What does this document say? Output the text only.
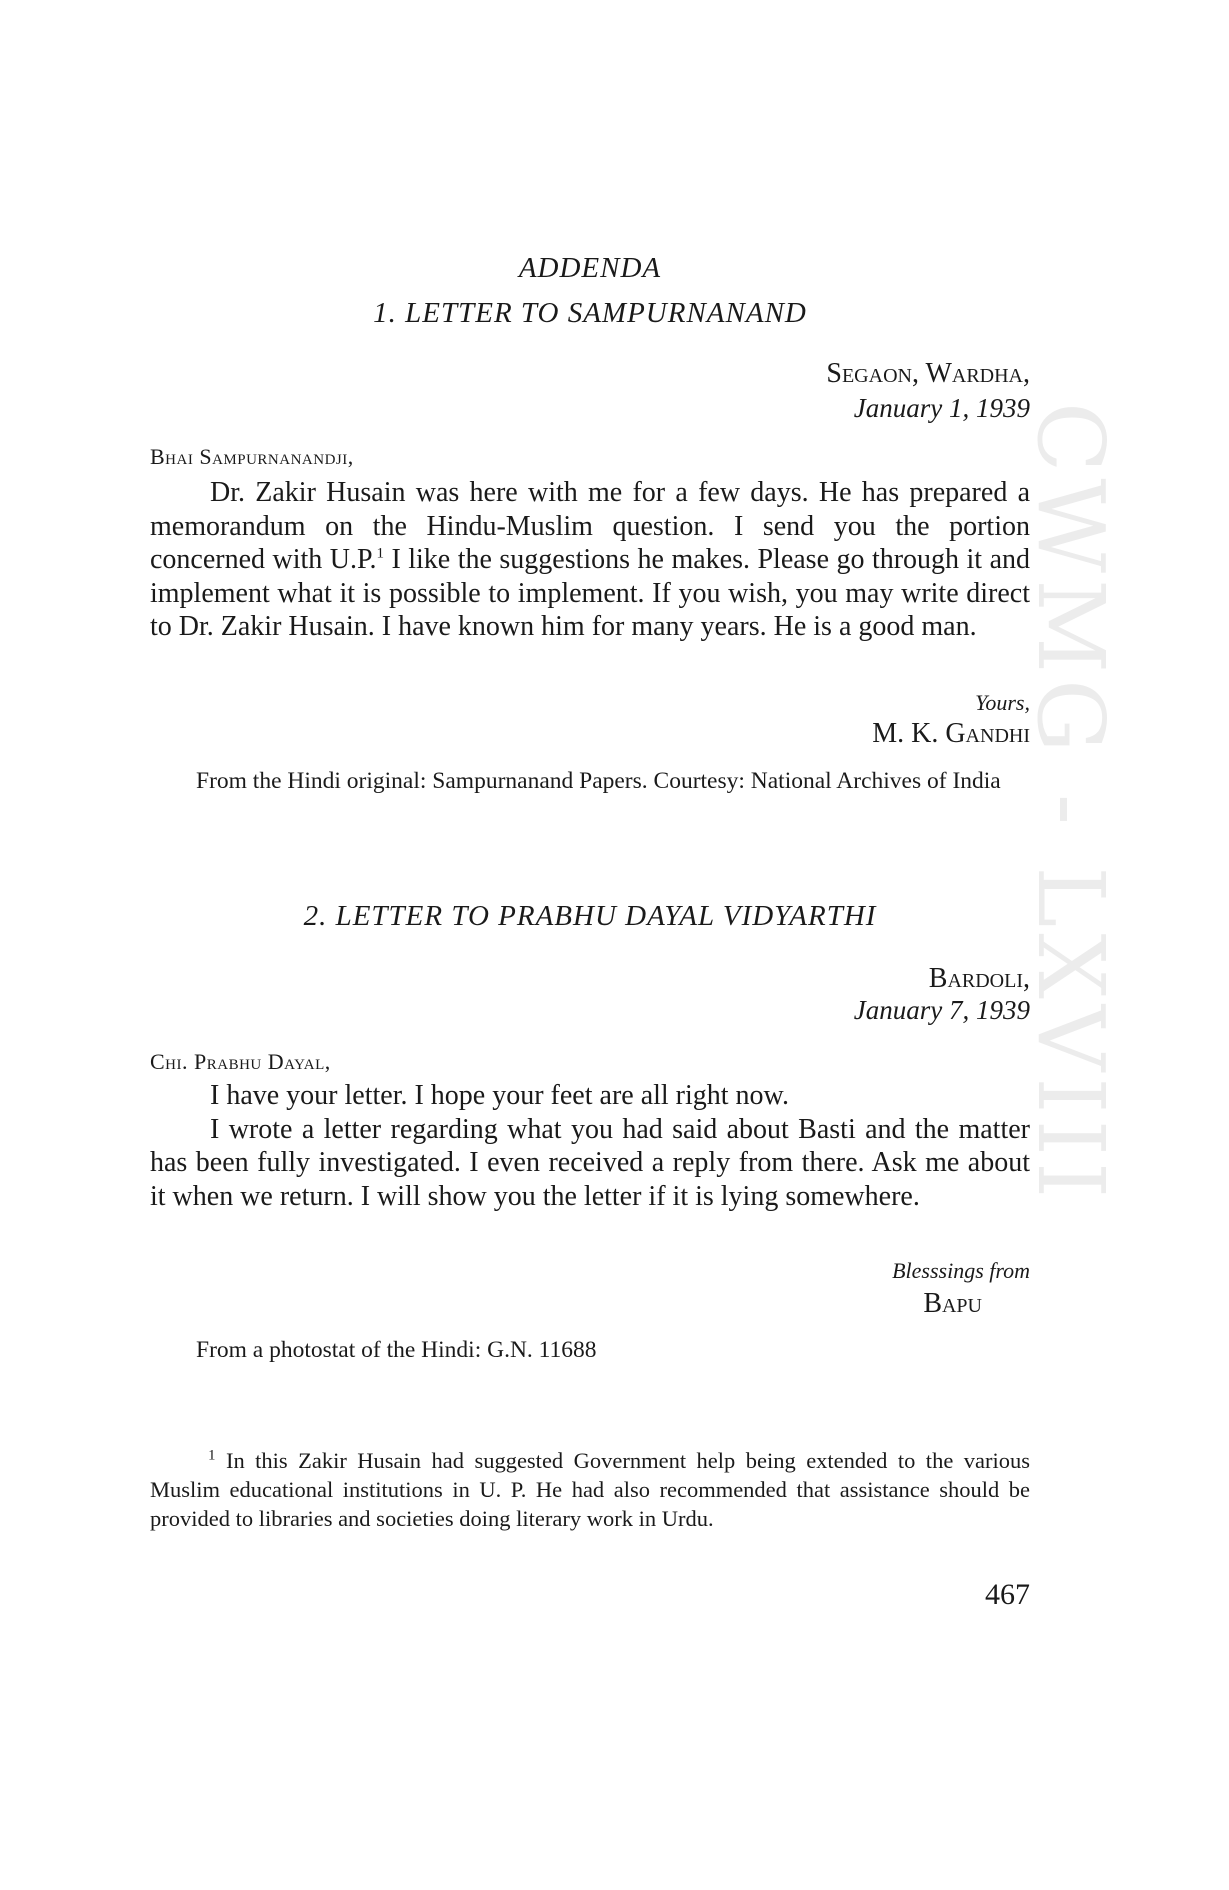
CWMG - LXVIII
ADDENDA
1. LETTER TO SAMPURNANAND
Segaon, Wardha,
January 1, 1939
Bhai Sampurnanandji,

Dr. Zakir Husain was here with me for a few days. He has prepared a memorandum on the Hindu-Muslim question. I send you the portion concerned with U.P.$^1$ I like the suggestions he makes. Please go through it and implement what it is possible to implement. If you wish, you may write direct to Dr. Zakir Husain. I have known him for many years. He is a good man.

Yours,
M. K. Gandhi

From the Hindi original: Sampurnanand Papers. Courtesy: National Archives of India

2. LETTER TO PRABHU DAYAL VIDYARTHI
Bardoli,
January 7, 1939
Chi. Prabhu Dayal,

I have your letter. I hope your feet are all right now.

I wrote a letter regarding what you had said about Basti and the matter has been fully investigated. I even received a reply from there. Ask me about it when we return. I will show you the letter if it is lying somewhere.

Blesssings from
Bapu

From a photostat of the Hindi: G.N. 11688

$^1$ In this Zakir Husain had suggested Government help being extended to the various Muslim educational institutions in U. P. He had also recommended that assistance should be provided to libraries and societies doing literary work in Urdu.

467
